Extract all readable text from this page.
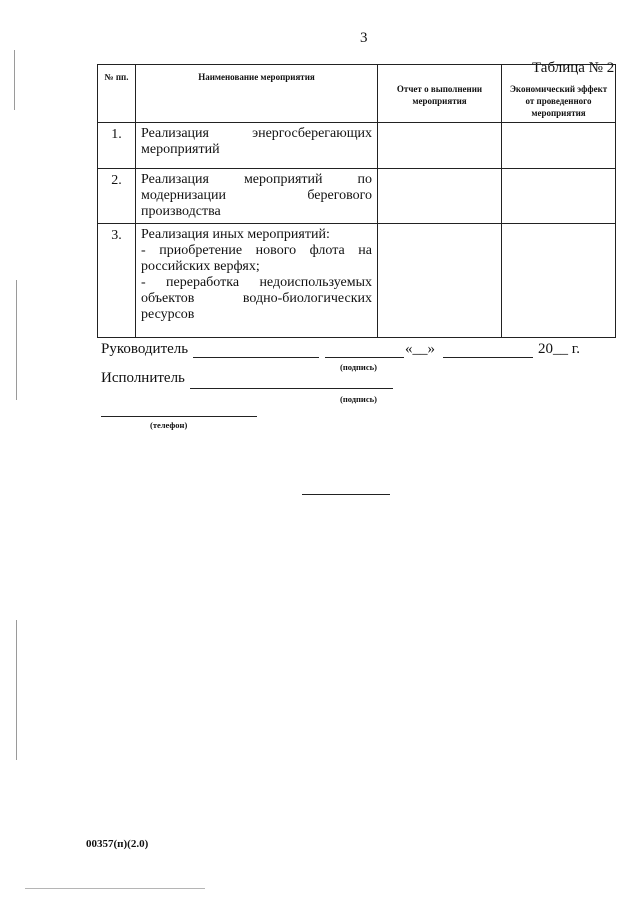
3
Таблица № 2
№ пп.	Наименование мероприятия	Отчет о выполнении мероприятия	Экономический эффект от проведенного мероприятия
1.	Реализация энергосберегающих мероприятий		

2.	Реализация мероприятий по модернизации берегового производства		

3.	Реализация иных мероприятий:
- приобретение нового флота на российских верфях;
- переработка недоиспользуемых объектов водно-биологических ресурсов		

Руководитель	«__»	20__ г.
(подпись)
Исполнитель
(подпись)
(телефон)
00357(п)(2.0)
